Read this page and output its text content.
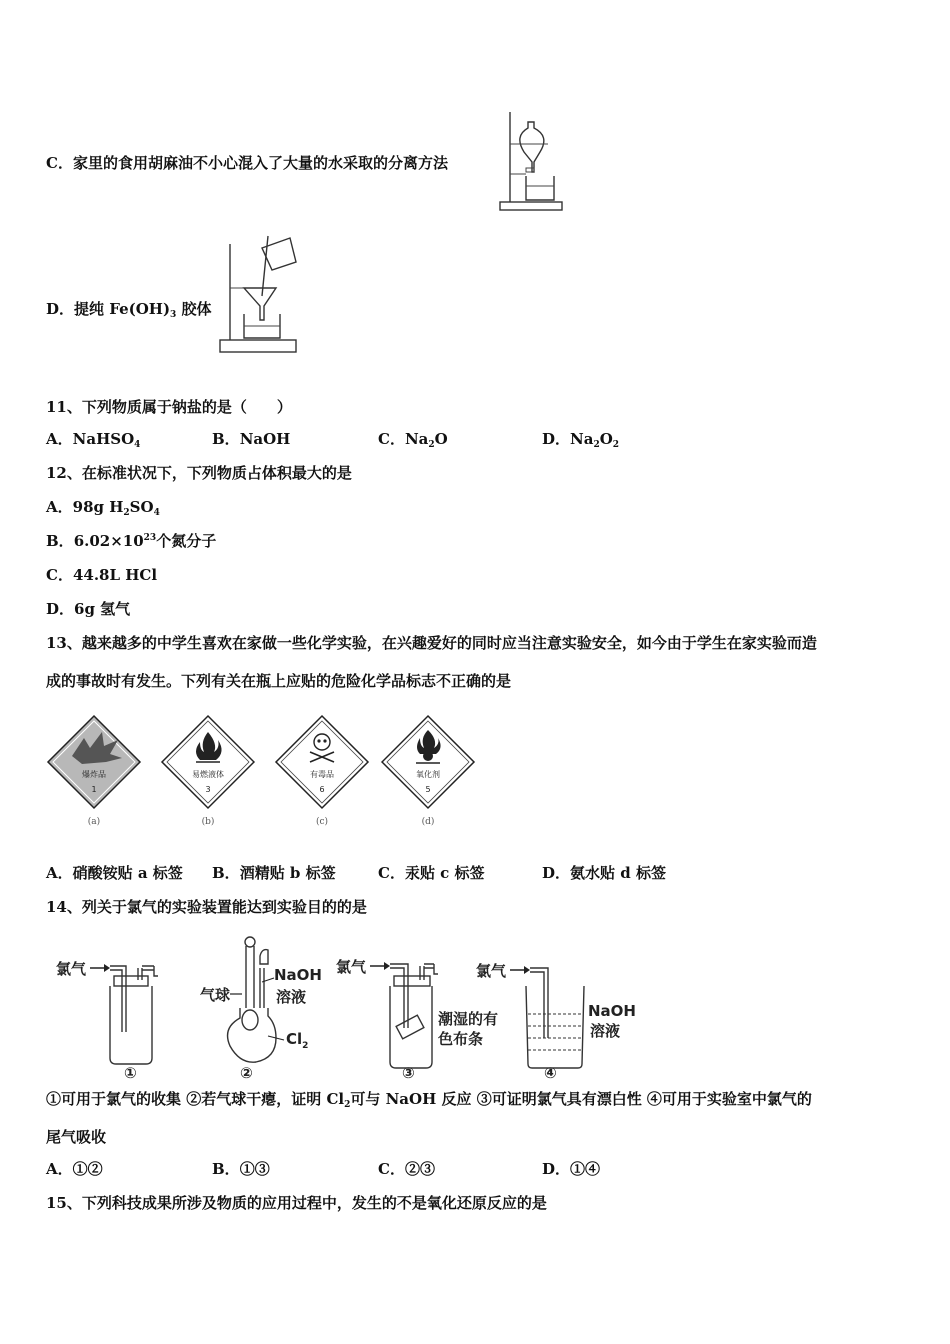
C．家里的食用胡麻油不小心混入了大量的水采取的分离方法
D．提纯 $Fe(OH)_3$ 胶体
11、下列物质属于钠盐的是（　　）
A．NaHSO$_4$	B．NaOH	C．$Na_2O$	D．$Na_2O_2$
12、在标准状况下，下列物质占体积最大的是
A．98g $H_2SO_4$
B．$6.02\times 10^{23}$个氮分子
C．44.8L HCl
D．6g 氢气
13、越来越多的中学生喜欢在家做一些化学实验，在兴趣爱好的同时应当注意实验安全，如今由于学生在家实验而造
成的事故时有发生。下列有关在瓶上应贴的危险化学品标志不正确的是
爆炸品
1
(a)
易燃液体
3
(b)
有毒品
6
(c)
氧化剂
5
(d)
A．硝酸铵贴 a 标签 B．酒精贴 b 标签	C．汞贴 c 标签	D．氨水贴 d 标签
14、列关于氯气的实验装置能达到实验目的的是
氯气
①
气球
NaOH
溶液
$Cl_2$
②
氯气
潮湿的有
色布条
③
氯气
NaOH
溶液
④
①可用于氯气的收集 ②若气球干瘪，证明 $Cl_2$可与 NaOH 反应 ③可证明氯气具有漂白性 ④可用于实验室中氯气的
尾气吸收
A．①②	B．①③	C．②③	D．①④
15、下列科技成果所涉及物质的应用过程中，发生的不是氧化还原反应的是
